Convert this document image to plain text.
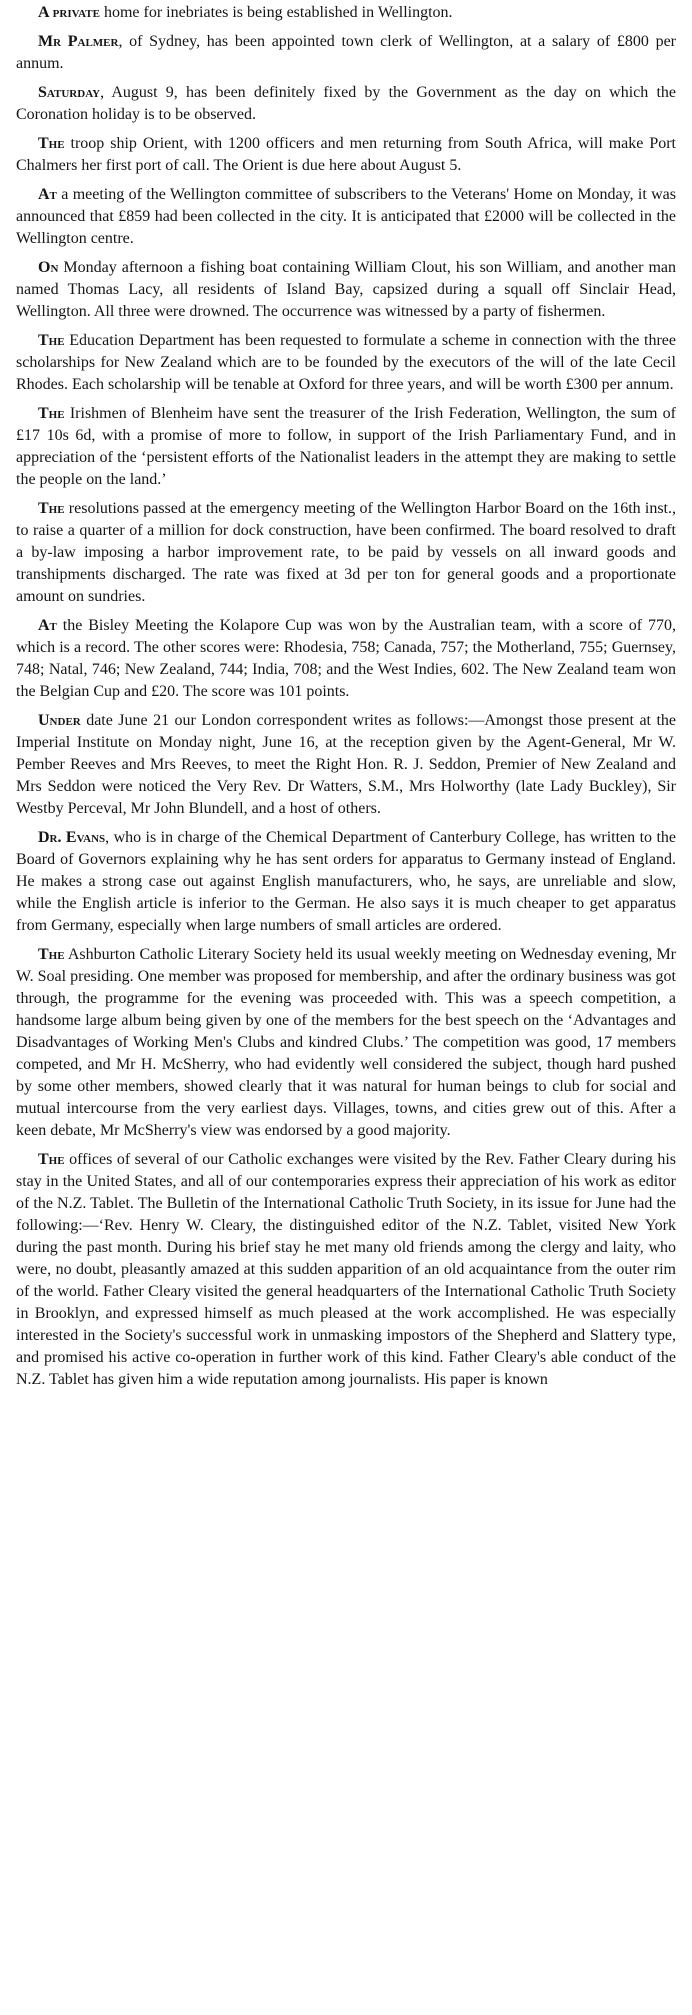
A private home for inebriates is being established in Wellington.

Mr Palmer, of Sydney, has been appointed town clerk of Wellington, at a salary of £800 per annum.

Saturday, August 9, has been definitely fixed by the Government as the day on which the Coronation holiday is to be observed.

The troop ship Orient, with 1200 officers and men returning from South Africa, will make Port Chalmers her first port of call. The Orient is due here about August 5.

At a meeting of the Wellington committee of subscribers to the Veterans' Home on Monday, it was announced that £859 had been collected in the city. It is anticipated that £2000 will be collected in the Wellington centre.

On Monday afternoon a fishing boat containing William Clout, his son William, and another man named Thomas Lacy, all residents of Island Bay, capsized during a squall off Sinclair Head, Wellington. All three were drowned. The occurrence was witnessed by a party of fishermen.

The Education Department has been requested to formulate a scheme in connection with the three scholarships for New Zealand which are to be founded by the executors of the will of the late Cecil Rhodes. Each scholarship will be tenable at Oxford for three years, and will be worth £300 per annum.

The Irishmen of Blenheim have sent the treasurer of the Irish Federation, Wellington, the sum of £17 10s 6d, with a promise of more to follow, in support of the Irish Parliamentary Fund, and in appreciation of the ‘persistent efforts of the Nationalist leaders in the attempt they are making to settle the people on the land.’

The resolutions passed at the emergency meeting of the Wellington Harbor Board on the 16th inst., to raise a quarter of a million for dock construction, have been confirmed. The board resolved to draft a by-law imposing a harbor improvement rate, to be paid by vessels on all inward goods and transhipments discharged. The rate was fixed at 3d per ton for general goods and a proportionate amount on sundries.

At the Bisley Meeting the Kolapore Cup was won by the Australian team, with a score of 770, which is a record. The other scores were: Rhodesia, 758; Canada, 757; the Motherland, 755; Guernsey, 748; Natal, 746; New Zealand, 744; India, 708; and the West Indies, 602. The New Zealand team won the Belgian Cup and £20. The score was 101 points.

Under date June 21 our London correspondent writes as follows:—Amongst those present at the Imperial Institute on Monday night, June 16, at the reception given by the Agent-General, Mr W. Pember Reeves and Mrs Reeves, to meet the Right Hon. R. J. Seddon, Premier of New Zealand and Mrs Seddon were noticed the Very Rev. Dr Watters, S.M., Mrs Holworthy (late Lady Buckley), Sir Westby Perceval, Mr John Blundell, and a host of others.

Dr. Evans, who is in charge of the Chemical Department of Canterbury College, has written to the Board of Governors explaining why he has sent orders for apparatus to Germany instead of England. He makes a strong case out against English manufacturers, who, he says, are unreliable and slow, while the English article is inferior to the German. He also says it is much cheaper to get apparatus from Germany, especially when large numbers of small articles are ordered.

The Ashburton Catholic Literary Society held its usual weekly meeting on Wednesday evening, Mr W. Soal presiding. One member was proposed for membership, and after the ordinary business was got through, the programme for the evening was proceeded with. This was a speech competition, a handsome large album being given by one of the members for the best speech on the ‘Advantages and Disadvantages of Working Men's Clubs and kindred Clubs.’ The competition was good, 17 members competed, and Mr H. McSherry, who had evidently well considered the subject, though hard pushed by some other members, showed clearly that it was natural for human beings to club for social and mutual intercourse from the very earliest days. Villages, towns, and cities grew out of this. After a keen debate, Mr McSherry's view was endorsed by a good majority.

The offices of several of our Catholic exchanges were visited by the Rev. Father Cleary during his stay in the United States, and all of our contemporaries express their appreciation of his work as editor of the N.Z. Tablet. The Bulletin of the International Catholic Truth Society, in its issue for June had the following:—‘Rev. Henry W. Cleary, the distinguished editor of the N.Z. Tablet, visited New York during the past month. During his brief stay he met many old friends among the clergy and laity, who were, no doubt, pleasantly amazed at this sudden apparition of an old acquaintance from the outer rim of the world. Father Cleary visited the general headquarters of the International Catholic Truth Society in Brooklyn, and expressed himself as much pleased at the work accomplished. He was especially interested in the Society's successful work in unmasking impostors of the Shepherd and Slattery type, and promised his active co-operation in further work of this kind. Father Cleary's able conduct of the N.Z. Tablet has given him a wide reputation among journalists. His paper is known
